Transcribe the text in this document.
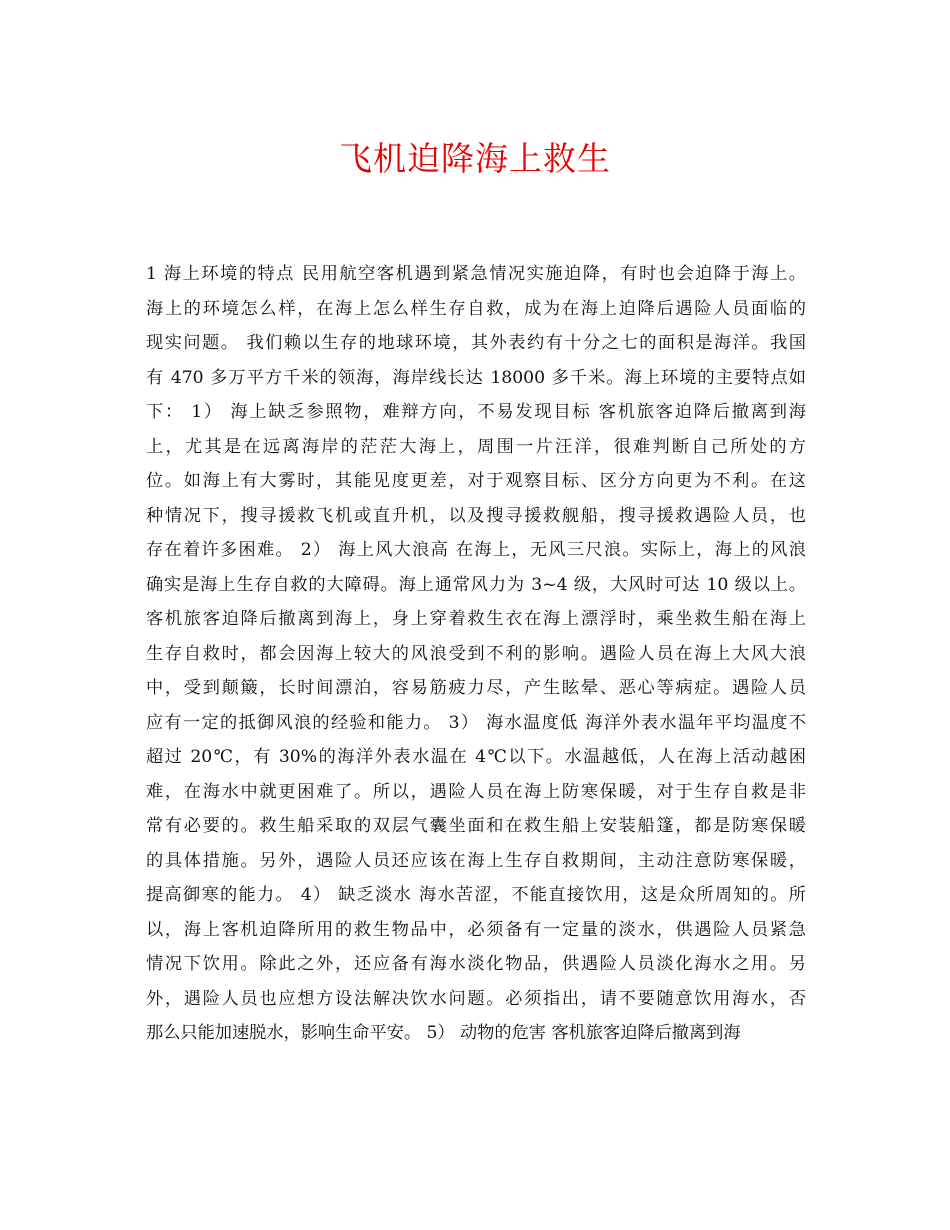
飞机迫降海上救生
1 海上环境的特点 民用航空客机遇到紧急情况实施迫降，有时也会迫降于海上。
海上的环境怎么样，在海上怎么样生存自救，成为在海上迫降后遇险人员面临的
现实问题。 我们赖以生存的地球环境，其外表约有十分之七的面积是海洋。我国
有 470 多万平方千米的领海，海岸线长达 18000 多千米。海上环境的主要特点如
下： 1） 海上缺乏参照物，难辩方向，不易发现目标 客机旅客迫降后撤离到海
上，尤其是在远离海岸的茫茫大海上，周围一片汪洋，很难判断自己所处的方
位。如海上有大雾时，其能见度更差，对于观察目标、区分方向更为不利。在这
种情况下，搜寻援救飞机或直升机，以及搜寻援救舰船，搜寻援救遇险人员，也
存在着许多困难。 2） 海上风大浪高 在海上，无风三尺浪。实际上，海上的风浪
确实是海上生存自救的大障碍。海上通常风力为 3~4 级，大风时可达 10 级以上。
客机旅客迫降后撤离到海上，身上穿着救生衣在海上漂浮时，乘坐救生船在海上
生存自救时，都会因海上较大的风浪受到不利的影响。遇险人员在海上大风大浪
中，受到颠簸，长时间漂泊，容易筋疲力尽，产生眩晕、恶心等病症。遇险人员
应有一定的抵御风浪的经验和能力。 3） 海水温度低 海洋外表水温年平均温度不
超过 20℃，有 30%的海洋外表水温在 4℃以下。水温越低，人在海上活动越困
难，在海水中就更困难了。所以，遇险人员在海上防寒保暖，对于生存自救是非
常有必要的。救生船采取的双层气囊坐面和在救生船上安装船篷，都是防寒保暖
的具体措施。另外，遇险人员还应该在海上生存自救期间，主动注意防寒保暖，
提高御寒的能力。 4） 缺乏淡水 海水苦涩，不能直接饮用，这是众所周知的。所
以，海上客机迫降所用的救生物品中，必须备有一定量的淡水，供遇险人员紧急
情况下饮用。除此之外，还应备有海水淡化物品，供遇险人员淡化海水之用。另
外，遇险人员也应想方设法解决饮水问题。必须指出，请不要随意饮用海水，否
那么只能加速脱水，影响生命平安。 5） 动物的危害 客机旅客迫降后撤离到海
